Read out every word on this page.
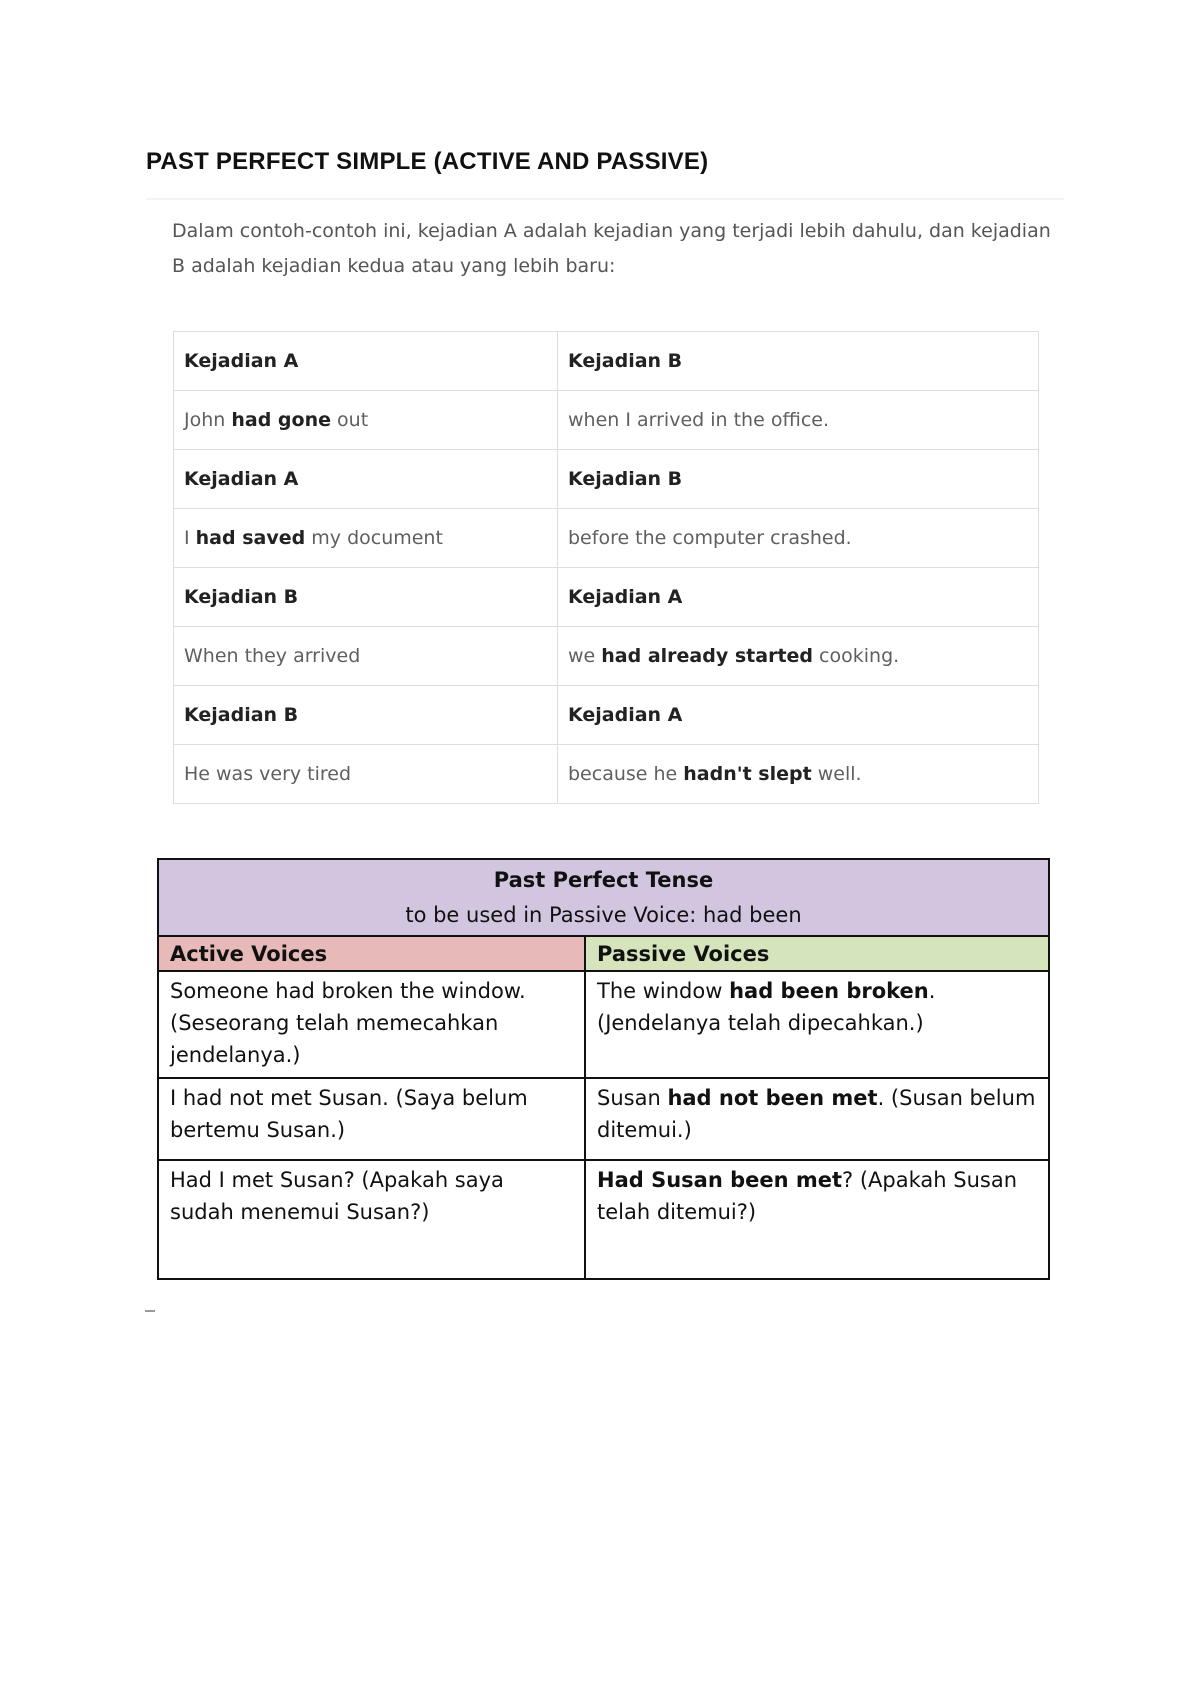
PAST PERFECT SIMPLE (ACTIVE AND PASSIVE)
Dalam contoh-contoh ini, kejadian A adalah kejadian yang terjadi lebih dahulu, dan kejadian B adalah kejadian kedua atau yang lebih baru:
Kejadian A	Kejadian B
John had gone out	when I arrived in the office.
Kejadian A	Kejadian B
I had saved my document	before the computer crashed.
Kejadian B	Kejadian A
When they arrived	we had already started cooking.
Kejadian B	Kejadian A
He was very tired	because he hadn't slept well.
Past Perfect Tense
to be used in Passive Voice: had been	

Active Voices	Passive Voices
Someone had broken the window. (Seseorang telah memecahkan jendelanya.)	The window had been broken. (Jendelanya telah dipecahkan.)
I had not met Susan. (Saya belum bertemu Susan.)	Susan had not been met. (Susan belum ditemui.)
Had I met Susan? (Apakah saya sudah menemui Susan?)	Had Susan been met? (Apakah Susan telah ditemui?)
